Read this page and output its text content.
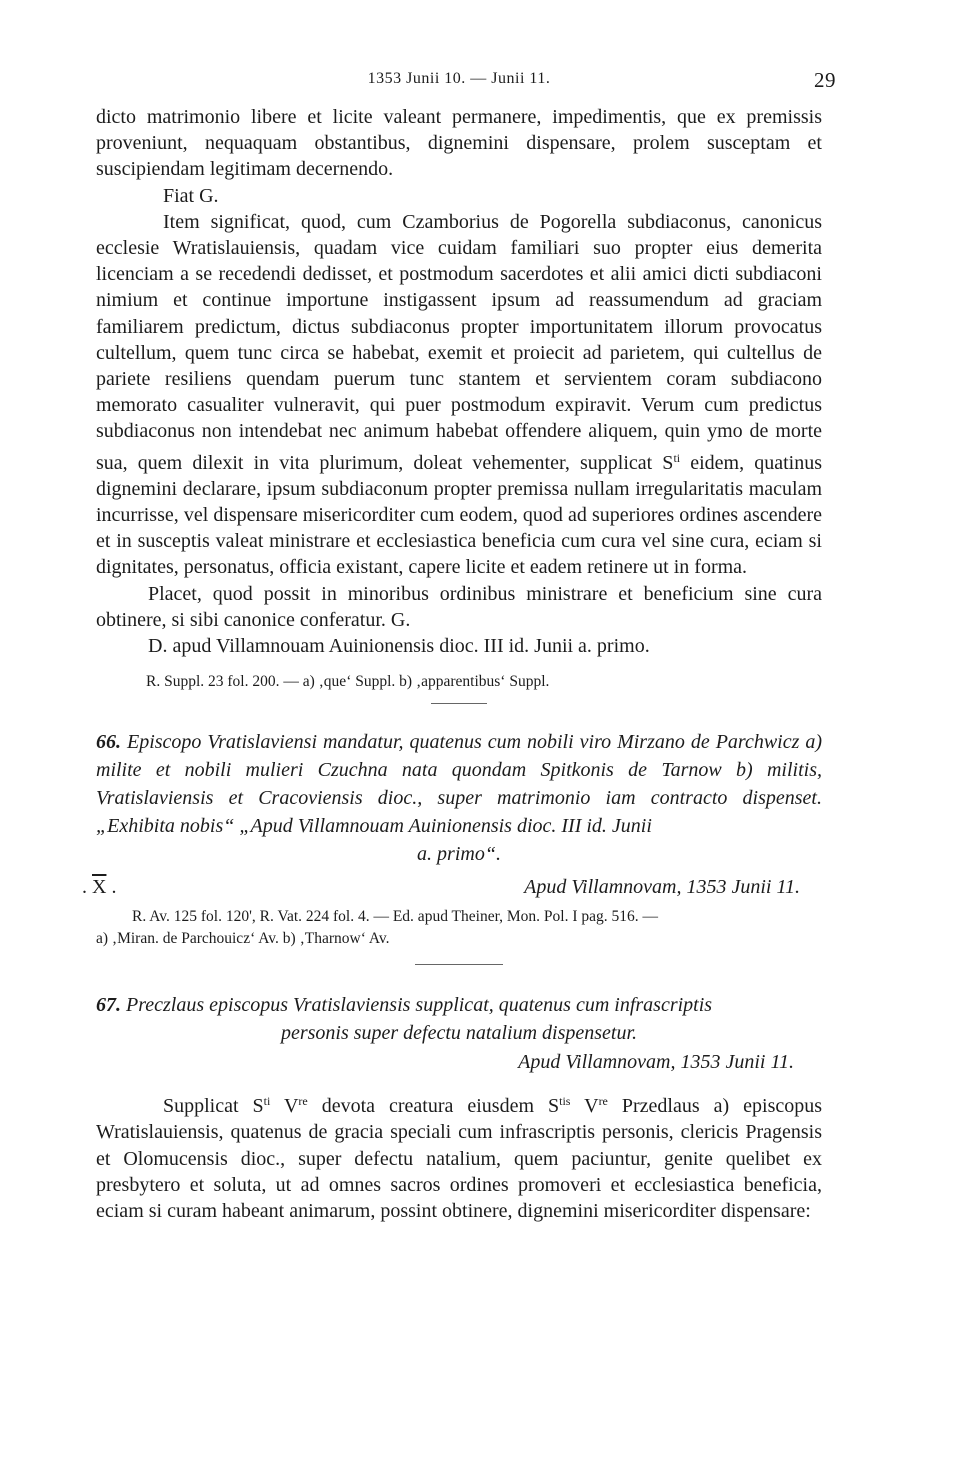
1353 Junii 10. — Junii 11.	29

dicto matrimonio libere et licite valeant permanere, impedimentis, que ex premissis proveniunt, nequaquam obstantibus, dignemini dispensare, prolem susceptam et suscipiendam legitimam decernendo.

Fiat G.

Item significat, quod, cum Czamborius de Pogorella subdiaconus, canonicus ecclesie Wratislauiensis, quadam vice cuidam familiari suo propter eius demerita licenciam a se recedendi dedisset, et postmodum sacerdotes et alii amici dicti subdiaconi nimium et continue importune instigassent ipsum ad reassumendum ad graciam familiarem predictum, dictus subdiaconus propter importunitatem illorum provocatus cultellum, quem tunc circa se habebat, exemit et proiecit ad parietem, qui cultellus de pariete resiliens quendam puerum tunc stantem et servientem coram subdiacono memorato casualiter vulneravit, qui puer postmodum expiravit. Verum cum predictus subdiaconus non intendebat nec animum habebat offendere aliquem, quin ymo de morte sua, quem dilexit in vita plurimum, doleat vehementer, supplicat $S^{ti}$ eidem, quatinus dignemini declarare, ipsum subdiaconum propter premissa nullam irregularitatis maculam incurrisse, vel dispensare misericorditer cum eodem, quod ad superiores ordines ascendere et in susceptis valeat ministrare et ecclesiastica beneficia cum cura vel sine cura, eciam si dignitates, personatus, officia existant, capere licite et eadem retinere ut in forma.

Placet, quod possit in minoribus ordinibus ministrare et beneficium sine cura obtinere, si sibi canonice conferatur. G.

D. apud Villamnouam Auinionensis dioc. III id. Junii a. primo.

R. Suppl. 23 fol. 200. — a) ‚que‘ Suppl. b) ‚apparentibus‘ Suppl.

66. Episcopo Vratislaviensi mandatur, quatenus cum nobili viro Mirzano de Parchwicz a) milite et nobili mulieri Czuchna nata quondam Spitkonis de Tarnow b) militis, Vratislaviensis et Cracoviensis dioc., super matrimonio iam contracto dispenset. „Exhibita nobis“ „Apud Villamnouam Auinionensis dioc. III id. Junii

a. primo“.

. $\overline{X}$ .	Apud Villamnovam, 1353 Junii 11.

R. Av. 125 fol. 120', R. Vat. 224 fol. 4. — Ed. apud Theiner, Mon. Pol. I pag. 516. —

a) ‚Miran. de Parchouicz‘ Av. b) ‚Tharnow‘ Av.

67. Preczlaus episcopus Vratislaviensis supplicat, quatenus cum infrascriptis

personis super defectu natalium dispensetur.

Apud Villamnovam, 1353 Junii 11.

Supplicat $S^{ti}$ Vre devota creatura eiusdem $S^{tis}$ Vre Przedlaus a) episcopus Wratislauiensis, quatenus de gracia speciali cum infrascriptis personis, clericis Pragensis et Olomucensis dioc., super defectu natalium, quem paciuntur, genite quelibet ex presbytero et soluta, ut ad omnes sacros ordines promoveri et ecclesiastica beneficia, eciam si curam habeant animarum, possint obtinere, dignemini misericorditer dispensare:
